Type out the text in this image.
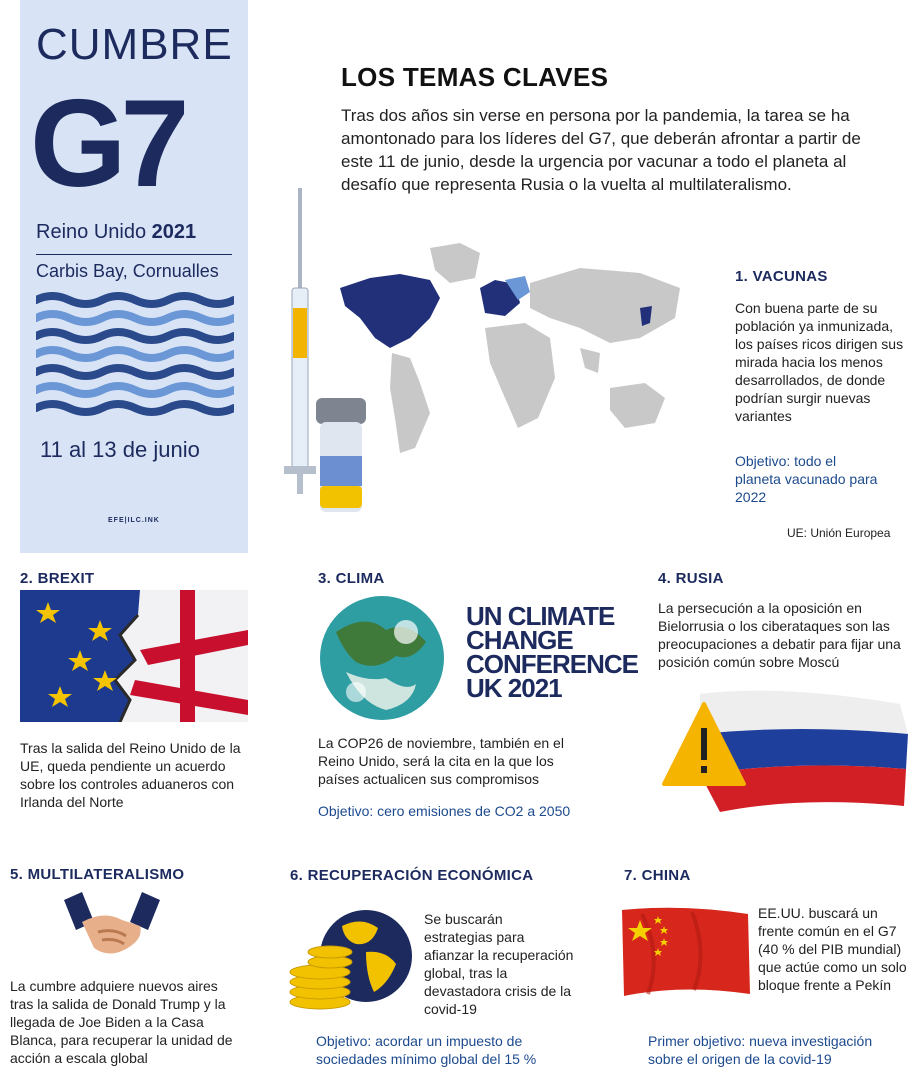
CUMBRE
G7
Reino Unido 2021
Carbis Bay, Cornualles
11 al 13 de junio
EFE|ILC.INK
LOS TEMAS CLAVES
Tras dos años sin verse en persona por la pandemia, la tarea se ha amontonado para los líderes del G7, que deberán afrontar a partir de este 11 de junio, desde la urgencia por vacunar a todo el planeta al desafío que representa Rusia o la vuelta al multilateralismo.
1. VACUNAS
Con buena parte de su población ya inmunizada, los países ricos dirigen sus mirada hacia los menos desarrollados, de donde podrían surgir nuevas variantes
Objetivo: todo el planeta vacunado para 2022
UE: Unión Europea
2. BREXIT
Tras la salida del Reino Unido de la UE, queda pendiente un acuerdo sobre los controles aduaneros con Irlanda del Norte
3. CLIMA
UN CLIMATE
CHANGE
CONFERENCE
UK 2021
La COP26 de noviembre, también en el Reino Unido, será la cita en la que los países actualicen sus compromisos
Objetivo: cero emisiones de CO2 a 2050
4. RUSIA
La persecución a la oposición en Bielorrusia o los ciberataques son las preocupaciones a debatir para fijar una posición común sobre Moscú
5. MULTILATERALISMO
La cumbre adquiere nuevos aires tras la salida de Donald Trump y la llegada de Joe Biden a la Casa Blanca, para recuperar la unidad de acción a escala global
6. RECUPERACIÓN ECONÓMICA
Se buscarán estrategias para afianzar la recuperación global, tras la devastadora crisis de la covid-19
Objetivo: acordar un impuesto de sociedades mínimo global del 15 %
7. CHINA
EE.UU. buscará un frente común en el G7 (40 % del PIB mundial) que actúe como un solo bloque frente a Pekín
Primer objetivo: nueva investigación sobre el origen de la covid-19
